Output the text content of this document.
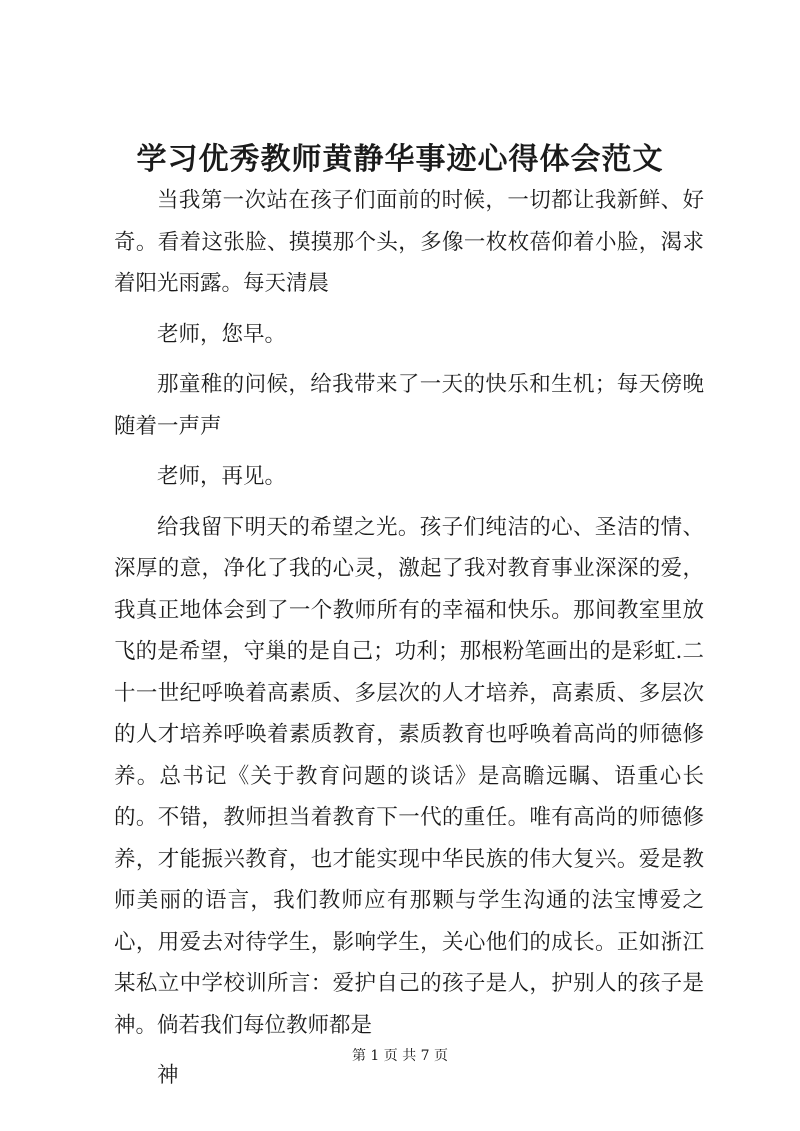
学习优秀教师黄静华事迹心得体会范文

当我第一次站在孩子们面前的时候，一切都让我新鲜、好奇。看着这张脸、摸摸那个头，多像一枚枚蓓仰着小脸，渴求着阳光雨露。每天清晨

老师，您早。

那童稚的问候，给我带来了一天的快乐和生机；每天傍晚随着一声声

老师，再见。

给我留下明天的希望之光。孩子们纯洁的心、圣洁的情、深厚的意，净化了我的心灵，激起了我对教育事业深深的爱，我真正地体会到了一个教师所有的幸福和快乐。那间教室里放飞的是希望，守巢的是自己；功利；那根粉笔画出的是彩虹.二十一世纪呼唤着高素质、多层次的人才培养，高素质、多层次的人才培养呼唤着素质教育，素质教育也呼唤着高尚的师德修养。总书记《关于教育问题的谈话》是高瞻远瞩、语重心长的。不错，教师担当着教育下一代的重任。唯有高尚的师德修养，才能振兴教育，也才能实现中华民族的伟大复兴。爱是教师美丽的语言，我们教师应有那颗与学生沟通的法宝博爱之心，用爱去对待学生，影响学生，关心他们的成长。正如浙江某私立中学校训所言：爱护自己的孩子是人，护别人的孩子是神。倘若我们每位教师都是

神

第 1 页 共 7 页
